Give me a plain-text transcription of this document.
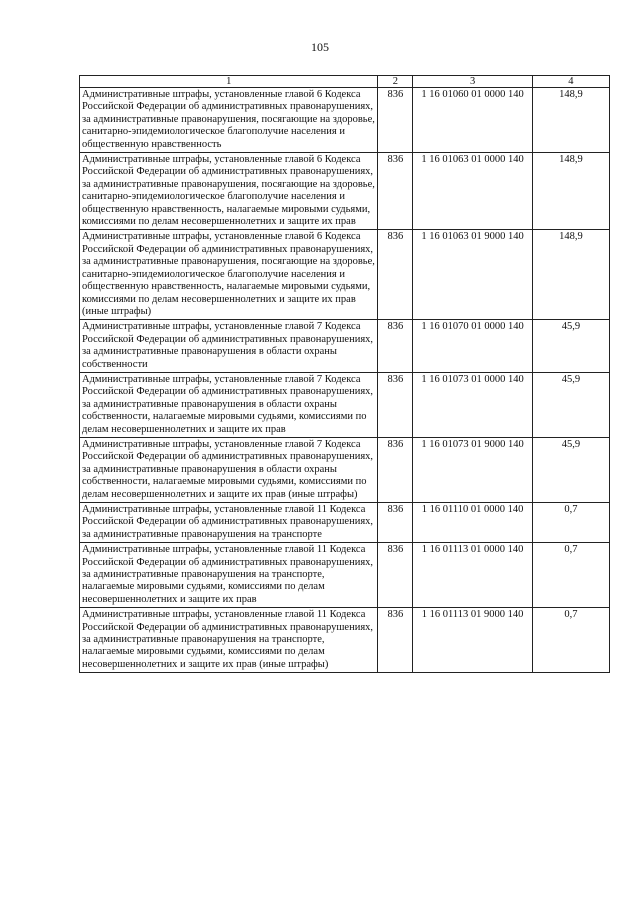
105
1	2	3	4
Административные штрафы, установленные главой 6 Кодекса Российской Федерации об административных правонарушениях, за административные правонарушения, посягающие на здоровье, санитарно-эпидемиологическое благополучие населения и общественную нравственность	836	1 16 01060 01 0000 140	148,9
Административные штрафы, установленные главой 6 Кодекса Российской Федерации об административных правонарушениях, за административные правонарушения, посягающие на здоровье, санитарно-эпидемиологическое благополучие населения и общественную нравственность, налагаемые мировыми судьями, комиссиями по делам несовершеннолетних и защите их прав	836	1 16 01063 01 0000 140	148,9
Административные штрафы, установленные главой 6 Кодекса Российской Федерации об административных правонарушениях, за административные правонарушения, посягающие на здоровье, санитарно-эпидемиологическое благополучие населения и общественную нравственность, налагаемые мировыми судьями, комиссиями по делам несовершеннолетних и защите их прав (иные штрафы)	836	1 16 01063 01 9000 140	148,9
Административные штрафы, установленные главой 7 Кодекса Российской Федерации об административных правонарушениях, за административные правонарушения в области охраны собственности	836	1 16 01070 01 0000 140	45,9
Административные штрафы, установленные главой 7 Кодекса Российской Федерации об административных правонарушениях, за административные правонарушения в области охраны собственности, налагаемые мировыми судьями, комиссиями по делам несовершеннолетних и защите их прав	836	1 16 01073 01 0000 140	45,9
Административные штрафы, установленные главой 7 Кодекса Российской Федерации об административных правонарушениях, за административные правонарушения в области охраны собственности, налагаемые мировыми судьями, комиссиями по делам несовершеннолетних и защите их прав (иные штрафы)	836	1 16 01073 01 9000 140	45,9
Административные штрафы, установленные главой 11 Кодекса Российской Федерации об административных правонарушениях, за административные правонарушения на транспорте	836	1 16 01110 01 0000 140	0,7
Административные штрафы, установленные главой 11 Кодекса Российской Федерации об административных правонарушениях, за административные правонарушения на транспорте, налагаемые мировыми судьями, комиссиями по делам несовершеннолетних и защите их прав	836	1 16 01113 01 0000 140	0,7
Административные штрафы, установленные главой 11 Кодекса Российской Федерации об административных правонарушениях, за административные правонарушения на транспорте, налагаемые мировыми судьями, комиссиями по делам несовершеннолетних и защите их прав (иные штрафы)	836	1 16 01113 01 9000 140	0,7
